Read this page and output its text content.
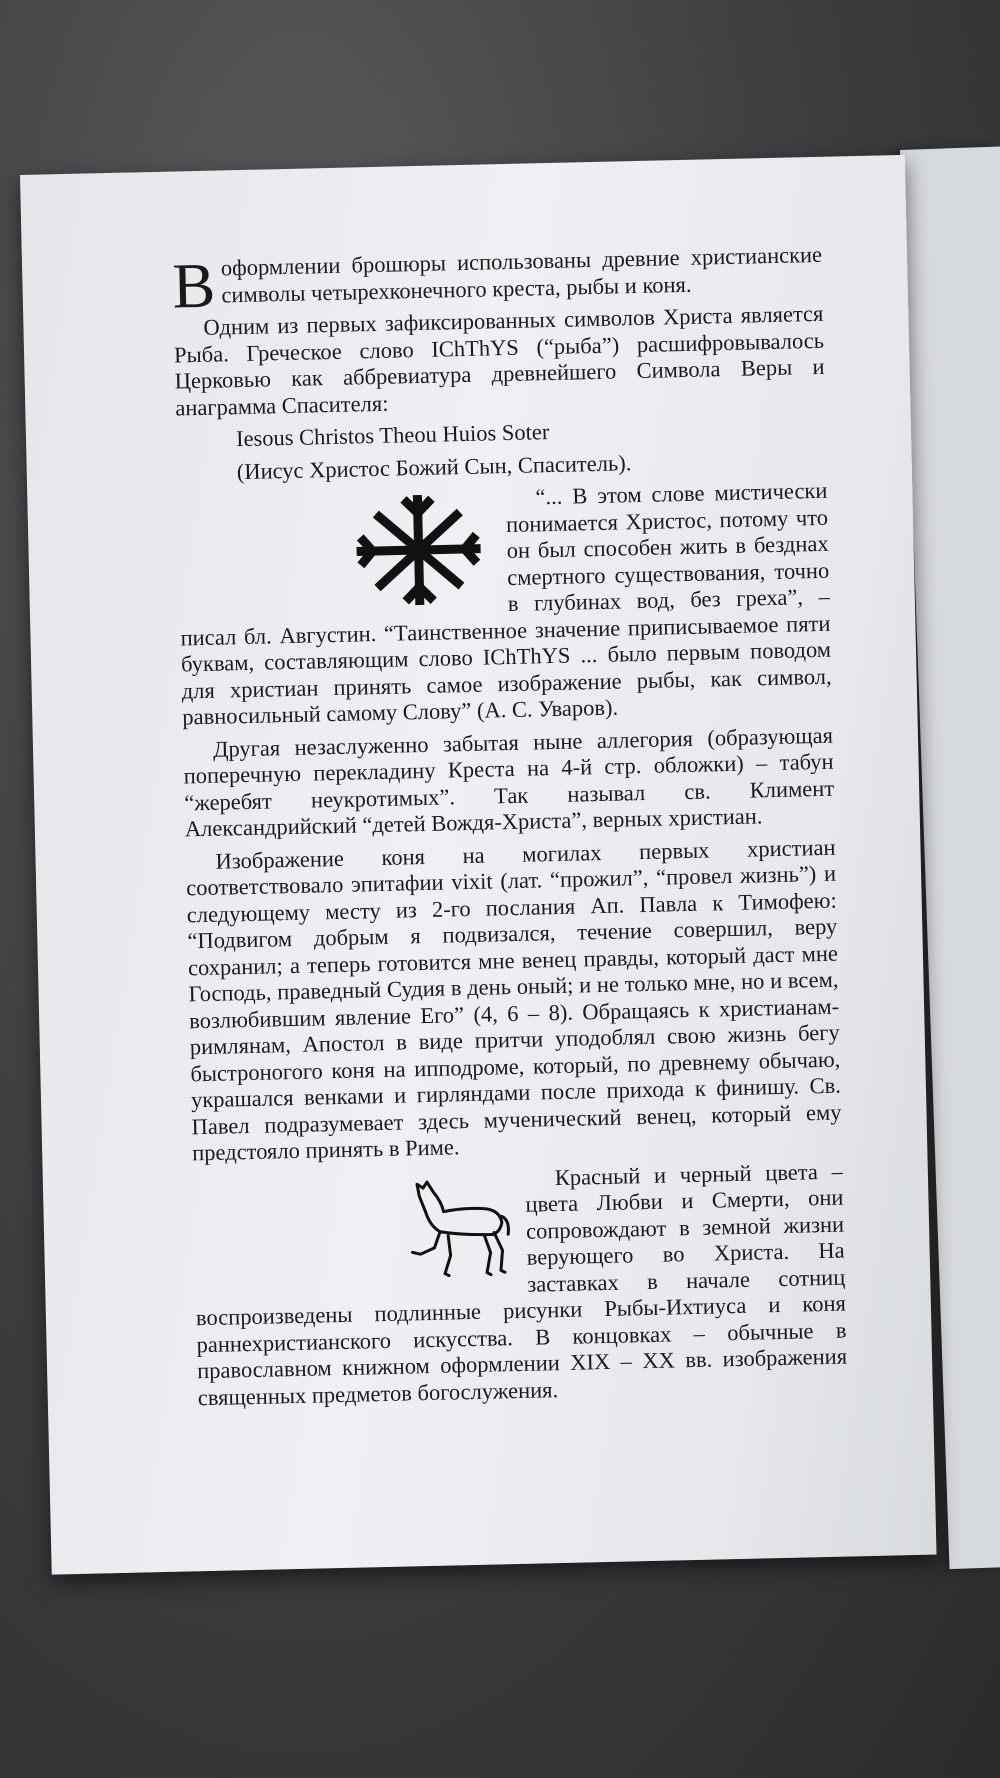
В оформлении брошюры использованы древние христианские символы четырехконечного креста, рыбы и коня.

Одним из первых зафиксированных символов Христа является Рыба. Греческое слово IChThYS (“рыба”) расшифровывалось Церковью как аббревиатура древнейшего Символа Веры и анаграмма Спасителя:

Iesous Christos Theou Huios Soter

(Иисус Христос Божий Сын, Спаситель).

“... В этом слове мистически понимается Христос, потому что он был способен жить в безднах смертного существования, точно в глубинах вод, без греха”, – писал бл. Августин. “Таинственное значение приписываемое пяти буквам, составляющим слово IChThYS ... было первым поводом для христиан принять самое изображение рыбы, как символ, равносильный самому Слову” (А. С. Уваров).

Другая незаслуженно забытая ныне аллегория (образующая поперечную перекладину Креста на 4-й стр. обложки) – табун “жеребят неукротимых”. Так называл св. Климент Александрийский “детей Вождя-Христа”, верных христиан.

Изображение коня на могилах первых христиан соответствовало эпитафии vixit (лат. “прожил”, “провел жизнь”) и следующему месту из 2-го послания Ап. Павла к Тимофею: “Подвигом добрым я подвизался, течение совершил, веру сохранил; а теперь готовится мне венец правды, который даст мне Господь, праведный Судия в день оный; и не только мне, но и всем, возлюбившим явление Его” (4, 6 – 8). Обращаясь к христианам-римлянам, Апостол в виде притчи уподоблял свою жизнь бегу быстроногого коня на ипподроме, который, по древнему обычаю, украшался венками и гирляндами после прихода к финишу. Св. Павел подразумевает здесь мученический венец, который ему предстояло принять в Риме.

Красный и черный цвета – цвета Любви и Смерти, они сопровождают в земной жизни верующего во Христа. На заставках в начале сотниц воспроизведены подлинные рисунки Рыбы-Ихтиуса и коня раннехристианского искусства. В концовках – обычные в православном книжном оформлении XIX – XX вв. изображения священных предметов богослужения.
